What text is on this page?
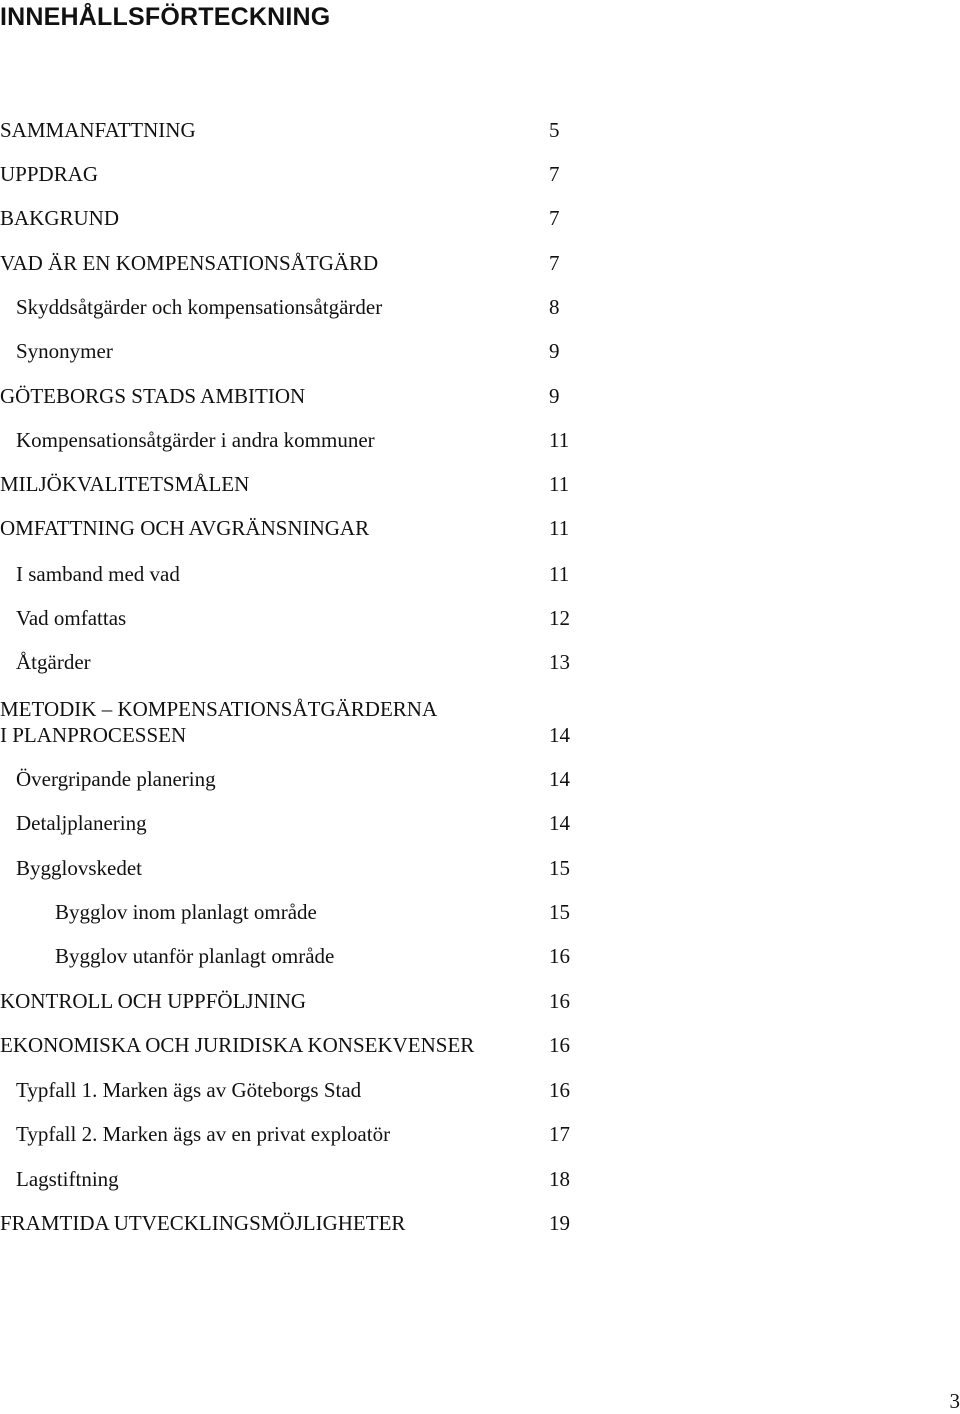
INNEHÅLLSFÖRTECKNING
SAMMANFATTNING	5
UPPDRAG	7
BAKGRUND	7
VAD ÄR EN KOMPENSATIONSÅTGÄRD	7
Skyddsåtgärder och kompensationsåtgärder	8
Synonymer	9
GÖTEBORGS STADS AMBITION	9
Kompensationsåtgärder i andra kommuner	11
MILJÖKVALITETSMÅLEN	11
OMFATTNING OCH AVGRÄNSNINGAR	11
I samband med vad	11
Vad omfattas	12
Åtgärder	13
METODIK – KOMPENSATIONSÅTGÄRDERNA
I PLANPROCESSEN	14
Övergripande planering	14
Detaljplanering	14
Bygglovskedet	15
Bygglov inom planlagt område	15
Bygglov utanför planlagt område	16
KONTROLL OCH UPPFÖLJNING	16
EKONOMISKA OCH JURIDISKA KONSEKVENSER	16
Typfall 1. Marken ägs av Göteborgs Stad	16
Typfall 2. Marken ägs av en privat exploatör	17
Lagstiftning	18
FRAMTIDA UTVECKLINGSMÖJLIGHETER	19
3
